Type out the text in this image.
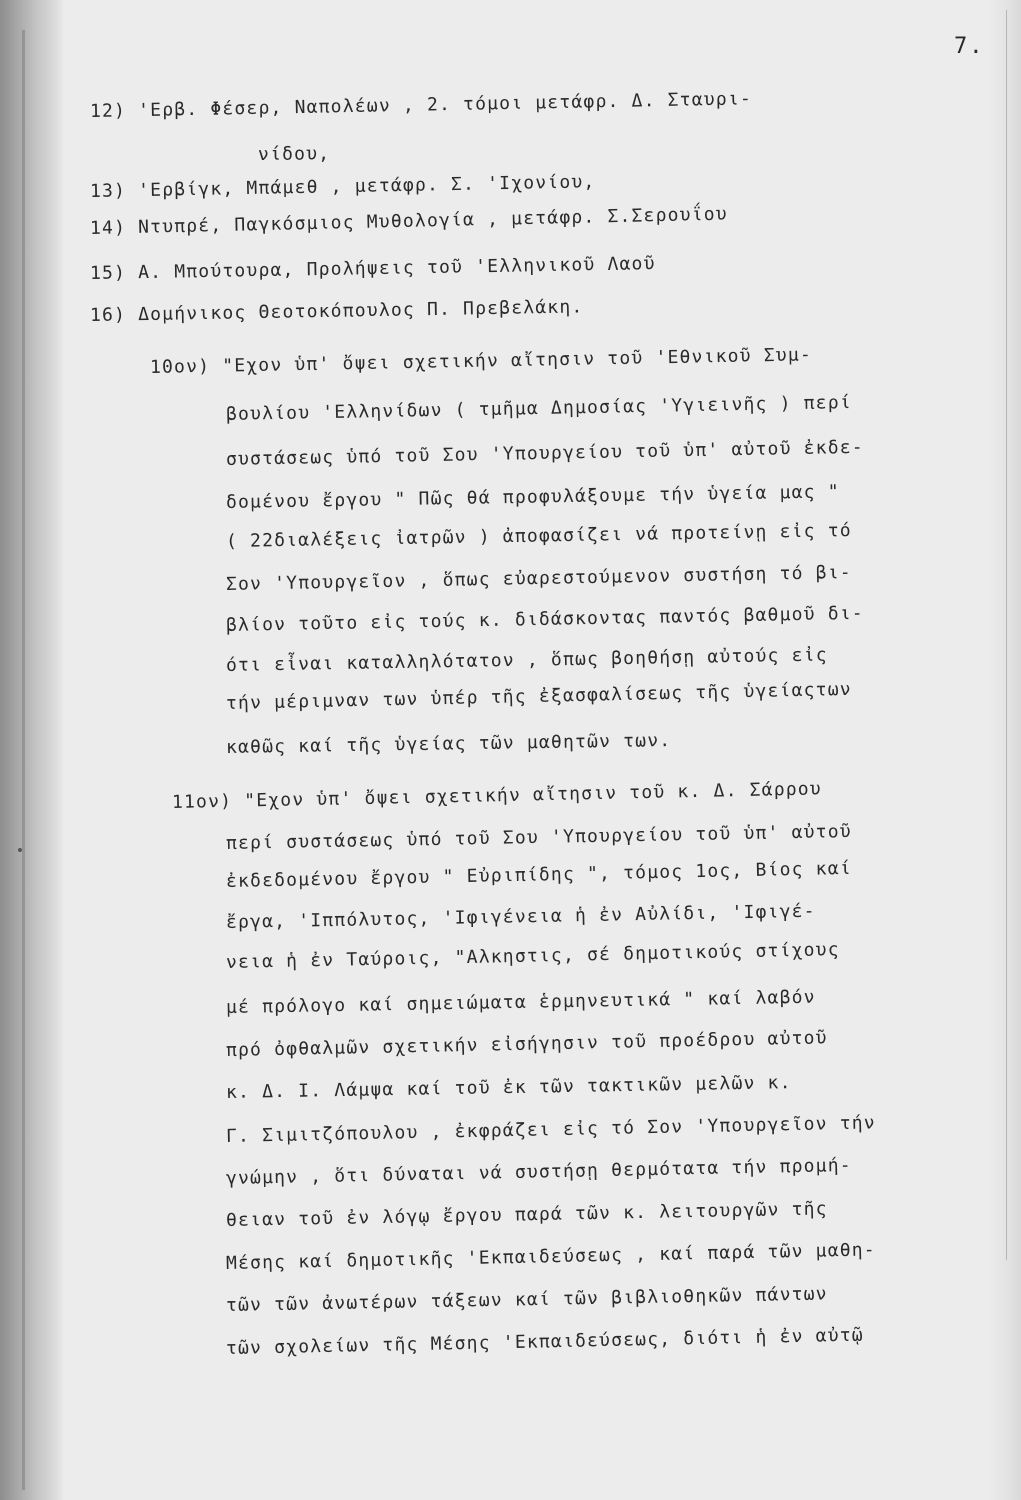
7.
12) 'Ερβ. Φέσερ, Ναπολέων , 2. τόμοι μετάφρ. Δ. Σταυρι-
νίδου,
13) 'Ερβίγκ, Μπάμεθ , μετάφρ. Σ. 'Ιχονίου,
14) Ντυπρέ, Παγκόσμιος Μυθολογία , μετάφρ. Σ.Σερουΐου
15) Α. Μπούτουρα, Προλήψεις τοῦ 'Ελληνικοῦ Λαοῦ
16) Δομήνικος Θεοτοκόπουλος Π. Πρεβελάκη.
10ον) "Εχον ὑπ' ὄψει σχετικήν αἴτησιν τοῦ 'Εθνικοῦ Συμ-
βουλίου 'Ελληνίδων ( τμῆμα Δημοσίας 'Υγιεινῆς ) περί
συστάσεως ὑπό τοῦ Σου 'Υπουργείου τοῦ ὑπ' αὐτοῦ ἐκδε-
δομένου ἔργου " Πῶς θά προφυλάξουμε τήν ὑγεία μας "
( 22διαλέξεις ἰατρῶν ) ἀποφασίζει νά προτείνῃ εἰς τό
Σον 'Υπουργεῖον , ὅπως εὐαρεστούμενον συστήση τό βι-
βλίον τοῦτο εἰς τούς κ. διδάσκοντας παντός βαθμοῦ δι-
ότι εἶναι καταλληλότατον , ὅπως βοηθήσῃ αὐτούς εἰς
τήν μέριμναν των ὑπέρ τῆς ἐξασφαλίσεως τῆς ὑγείαςτων
καθῶς καί τῆς ὑγείας τῶν μαθητῶν των.
11ον) "Εχον ὑπ' ὄψει σχετικήν αἴτησιν τοῦ κ. Δ. Σάρρου
περί συστάσεως ὑπό τοῦ Σου 'Υπουργείου τοῦ ὑπ' αὐτοῦ
ἐκδεδομένου ἔργου " Εὐριπίδης ", τόμος 1ος, Βίος καί
ἔργα, 'Ιππόλυτος, 'Ιφιγένεια ἡ ἐν Αὐλίδι, 'Ιφιγέ-
νεια ἡ ἐν Ταύροις, "Αλκηστις, σέ δημοτικούς στίχους
μέ πρόλογο καί σημειώματα ἑρμηνευτικά " καί λαβόν
πρό ὀφθαλμῶν σχετικήν εἰσήγησιν τοῦ προέδρου αὐτοῦ
κ. Δ. Ι. Λάμψα καί τοῦ ἐκ τῶν τακτικῶν μελῶν κ.
Γ. Σιμιτζόπουλου , ἐκφράζει εἰς τό Σον 'Υπουργεῖον τήν
γνώμην , ὅτι δύναται νά συστήσῃ θερμότατα τήν προμή-
θειαν τοῦ ἐν λόγῳ ἔργου παρά τῶν κ. λειτουργῶν τῆς
Μέσης καί δημοτικῆς 'Εκπαιδεύσεως , καί παρά τῶν μαθη-
τῶν τῶν ἀνωτέρων τάξεων καί τῶν βιβλιοθηκῶν πάντων
τῶν σχολείων τῆς Μέσης 'Εκπαιδεύσεως, διότι ἡ ἐν αὐτῷ
